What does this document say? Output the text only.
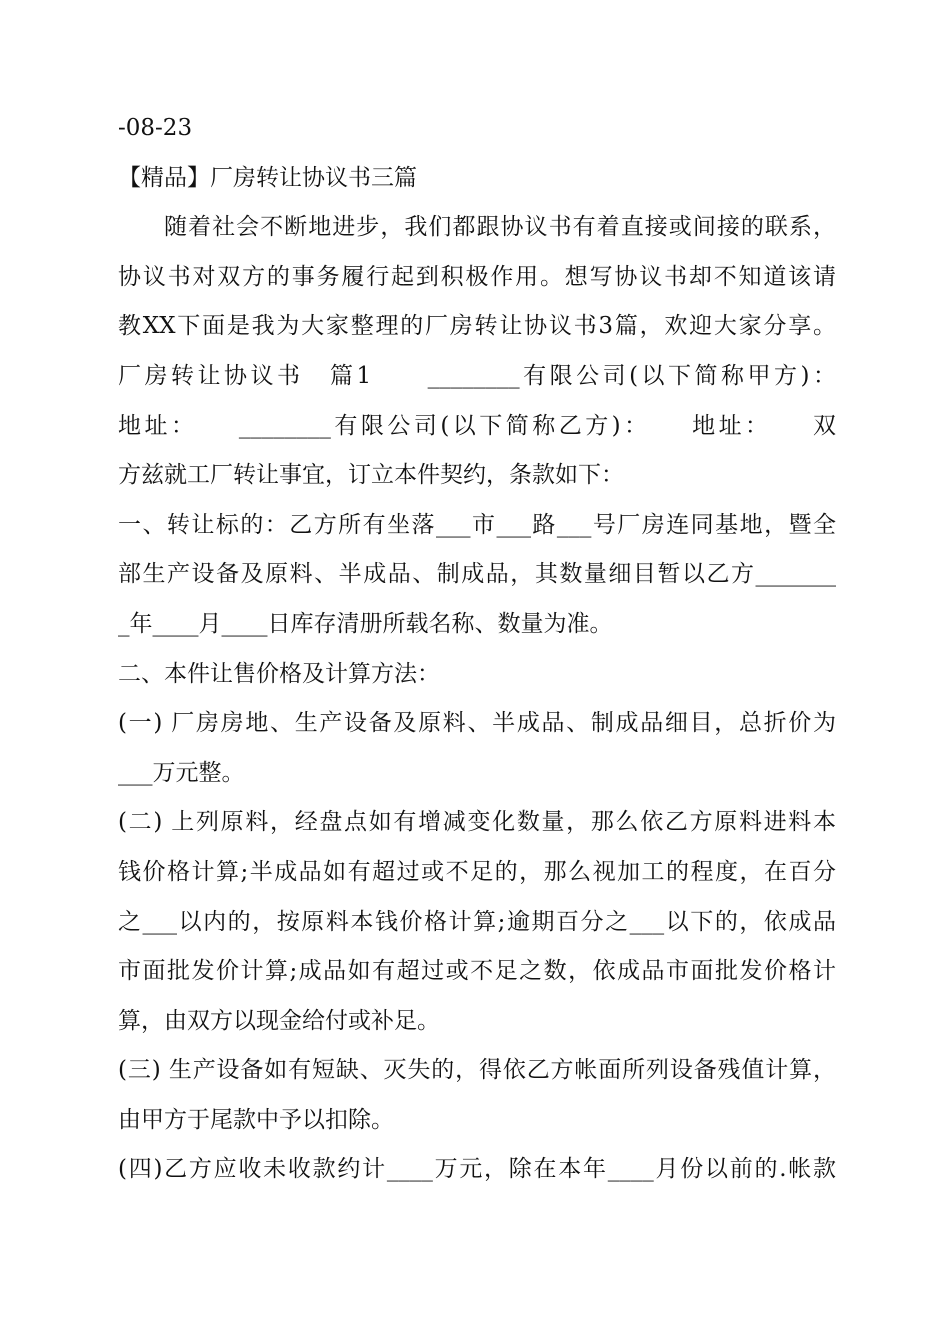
-08-23
【精品】厂房转让协议书三篇
随着社会不断地进步，我们都跟协议书有着直接或间接的联系，
协议书对双方的事务履行起到积极作用。想写协议书却不知道该请
教XX下面是我为大家整理的厂房转让协议书3篇，欢迎大家分享。
厂房转让协议书　篇1　　________有限公司(以下简称甲方)：
地址：　　________有限公司(以下简称乙方)：　　地址：　　双
方兹就工厂转让事宜，订立本件契约，条款如下：
一、转让标的：乙方所有坐落___市___路___号厂房连同基地，暨全
部生产设备及原料、半成品、制成品，其数量细目暂以乙方_______
_年____月____日库存清册所载名称、数量为准。
二、本件让售价格及计算方法：
(一) 厂房房地、生产设备及原料、半成品、制成品细目，总折价为
___万元整。
(二) 上列原料，经盘点如有增减变化数量，那么依乙方原料进料本
钱价格计算;半成品如有超过或不足的，那么视加工的程度，在百分
之___以内的，按原料本钱价格计算;逾期百分之___以下的，依成品
市面批发价计算;成品如有超过或不足之数，依成品市面批发价格计
算，由双方以现金给付或补足。
(三) 生产设备如有短缺、灭失的，得依乙方帐面所列设备残值计算，
由甲方于尾款中予以扣除。
(四)乙方应收未收款约计____万元，除在本年____月份以前的.帐款
